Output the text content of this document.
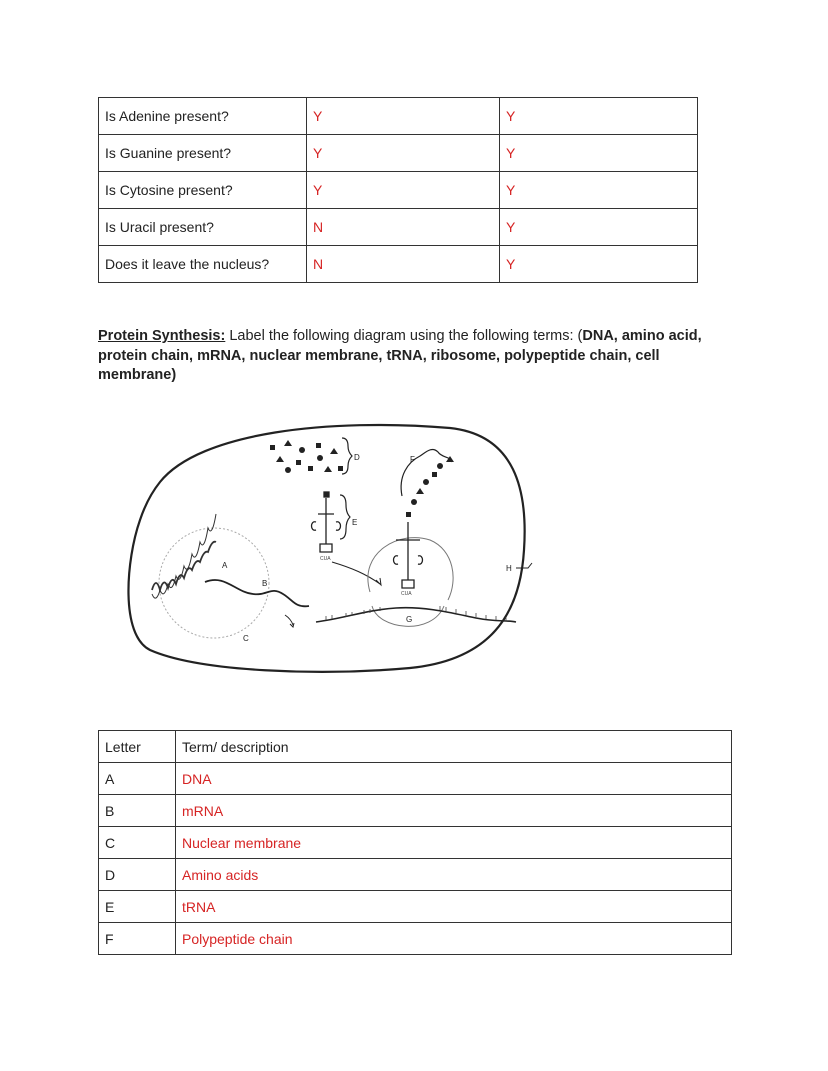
Is Adenine present?	Y	Y
Is Guanine present?	Y	Y
Is Cytosine present?	Y	Y
Is Uracil present?	N	Y
Does it leave the nucleus?	N	Y
Protein Synthesis: Label the following diagram using the following terms: (DNA, amino acid, protein chain, mRNA, nuclear membrane, tRNA, ribosome, polypeptide chain, cell membrane)
A
B
C
D
E
F
G
H
CUA
CUA
Letter	Term/ description
A	DNA
B	mRNA
C	Nuclear membrane
D	Amino acids
E	tRNA
F	Polypeptide chain
